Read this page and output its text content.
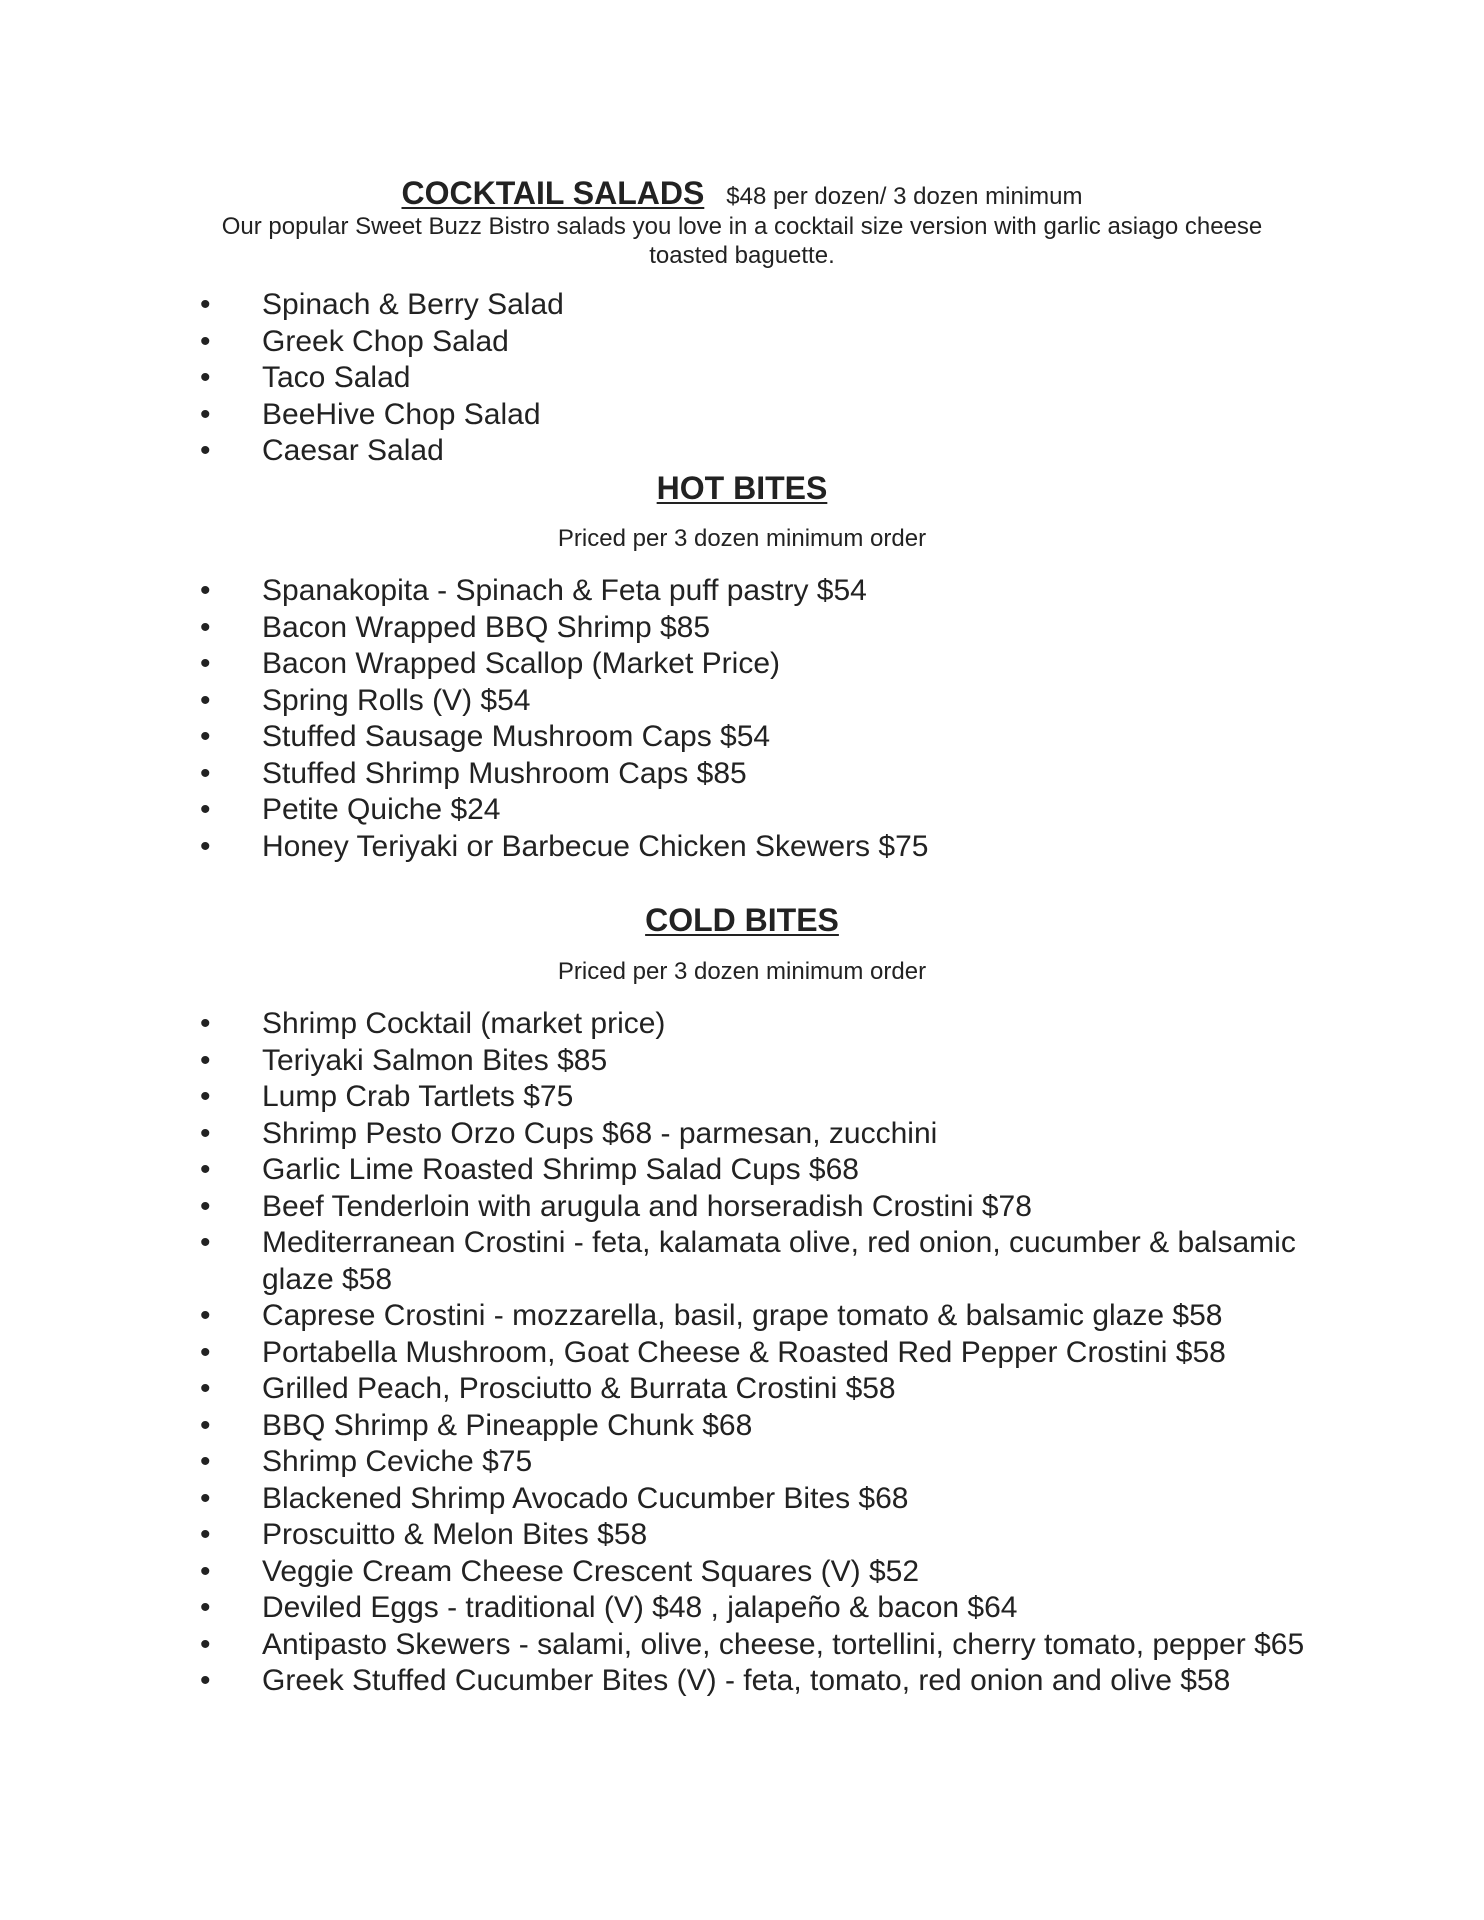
COCKTAIL SALADS $48 per dozen/ 3 dozen minimum
Our popular Sweet Buzz Bistro salads you love in a cocktail size version with garlic asiago cheese toasted baguette.
• Spinach & Berry Salad
• Greek Chop Salad
• Taco Salad
• BeeHive Chop Salad
• Caesar Salad
HOT BITES
Priced per 3 dozen minimum order
• Spanakopita - Spinach & Feta puff pastry $54
• Bacon Wrapped BBQ Shrimp $85
• Bacon Wrapped Scallop (Market Price)
• Spring Rolls (V) $54
• Stuffed Sausage Mushroom Caps $54
• Stuffed Shrimp Mushroom Caps $85
• Petite Quiche $24
• Honey Teriyaki or Barbecue Chicken Skewers $75
COLD BITES
Priced per 3 dozen minimum order
• Shrimp Cocktail (market price)
• Teriyaki Salmon Bites $85
• Lump Crab Tartlets $75
• Shrimp Pesto Orzo Cups $68 - parmesan, zucchini
• Garlic Lime Roasted Shrimp Salad Cups $68
• Beef Tenderloin with arugula and horseradish Crostini $78
• Mediterranean Crostini - feta, kalamata olive, red onion, cucumber & balsamic glaze $58
• Caprese Crostini - mozzarella, basil, grape tomato & balsamic glaze $58
• Portabella Mushroom, Goat Cheese & Roasted Red Pepper Crostini $58
• Grilled Peach, Prosciutto & Burrata Crostini $58
• BBQ Shrimp & Pineapple Chunk $68
• Shrimp Ceviche $75
• Blackened Shrimp Avocado Cucumber Bites $68
• Proscuitto & Melon Bites $58
• Veggie Cream Cheese Crescent Squares (V) $52
• Deviled Eggs - traditional (V) $48 , jalapeño & bacon $64
• Antipasto Skewers - salami, olive, cheese, tortellini, cherry tomato, pepper $65
• Greek Stuffed Cucumber Bites (V) - feta, tomato, red onion and olive $58
